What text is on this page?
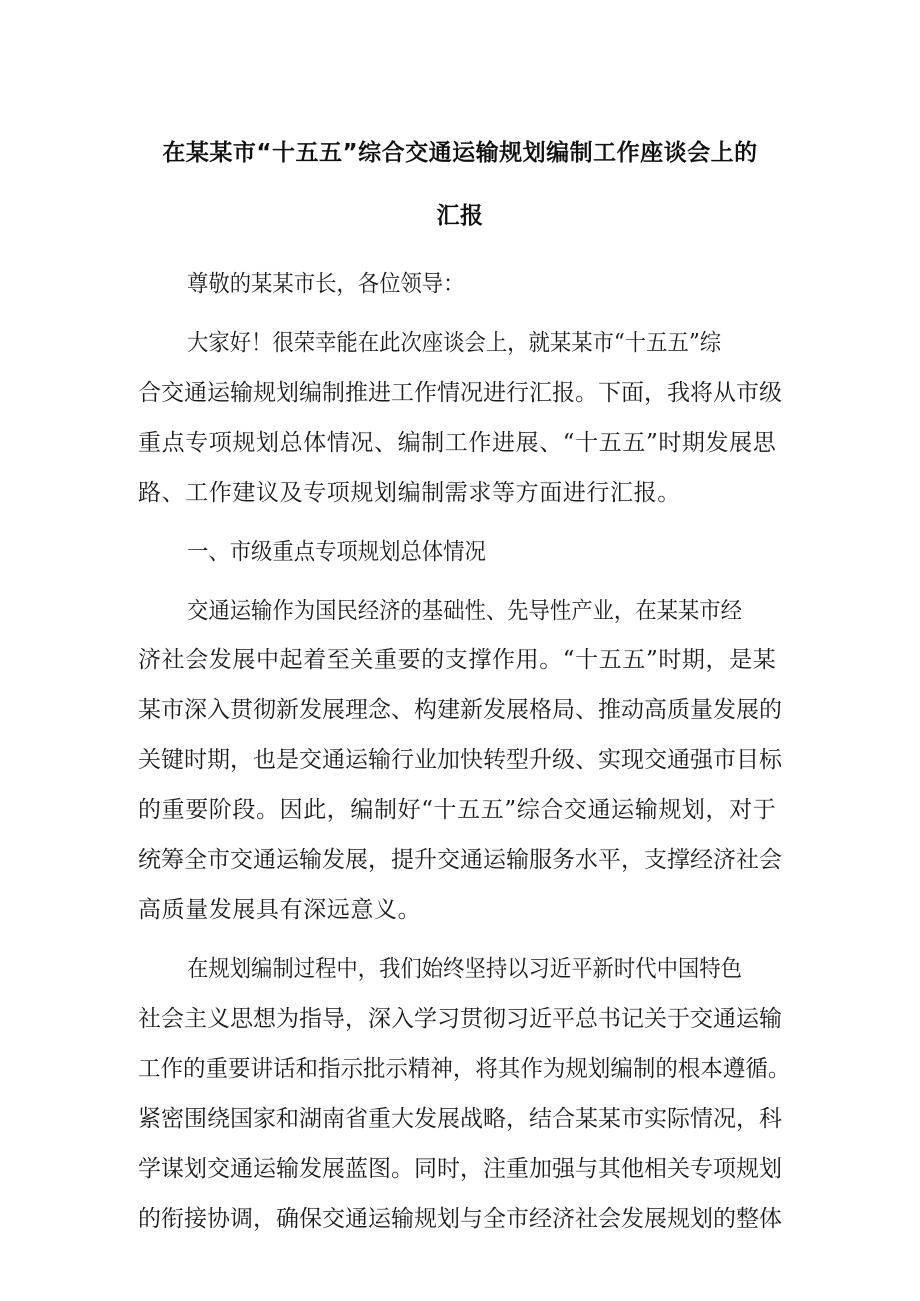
在某某市“十五五”综合交通运输规划编制工作座谈会上的
汇报
尊敬的某某市长，各位领导：
大家好！很荣幸能在此次座谈会上，就某某市“十五五”综
合交通运输规划编制推进工作情况进行汇报。下面，我将从市级
重点专项规划总体情况、编制工作进展、“十五五”时期发展思
路、工作建议及专项规划编制需求等方面进行汇报。
一、市级重点专项规划总体情况
交通运输作为国民经济的基础性、先导性产业，在某某市经
济社会发展中起着至关重要的支撑作用。“十五五”时期，是某
某市深入贯彻新发展理念、构建新发展格局、推动高质量发展的
关键时期，也是交通运输行业加快转型升级、实现交通强市目标
的重要阶段。因此，编制好“十五五”综合交通运输规划，对于
统筹全市交通运输发展，提升交通运输服务水平，支撑经济社会
高质量发展具有深远意义。
在规划编制过程中，我们始终坚持以习近平新时代中国特色
社会主义思想为指导，深入学习贯彻习近平总书记关于交通运输
工作的重要讲话和指示批示精神，将其作为规划编制的根本遵循。
紧密围绕国家和湖南省重大发展战略，结合某某市实际情况，科
学谋划交通运输发展蓝图。同时，注重加强与其他相关专项规划
的衔接协调，确保交通运输规划与全市经济社会发展规划的整体
